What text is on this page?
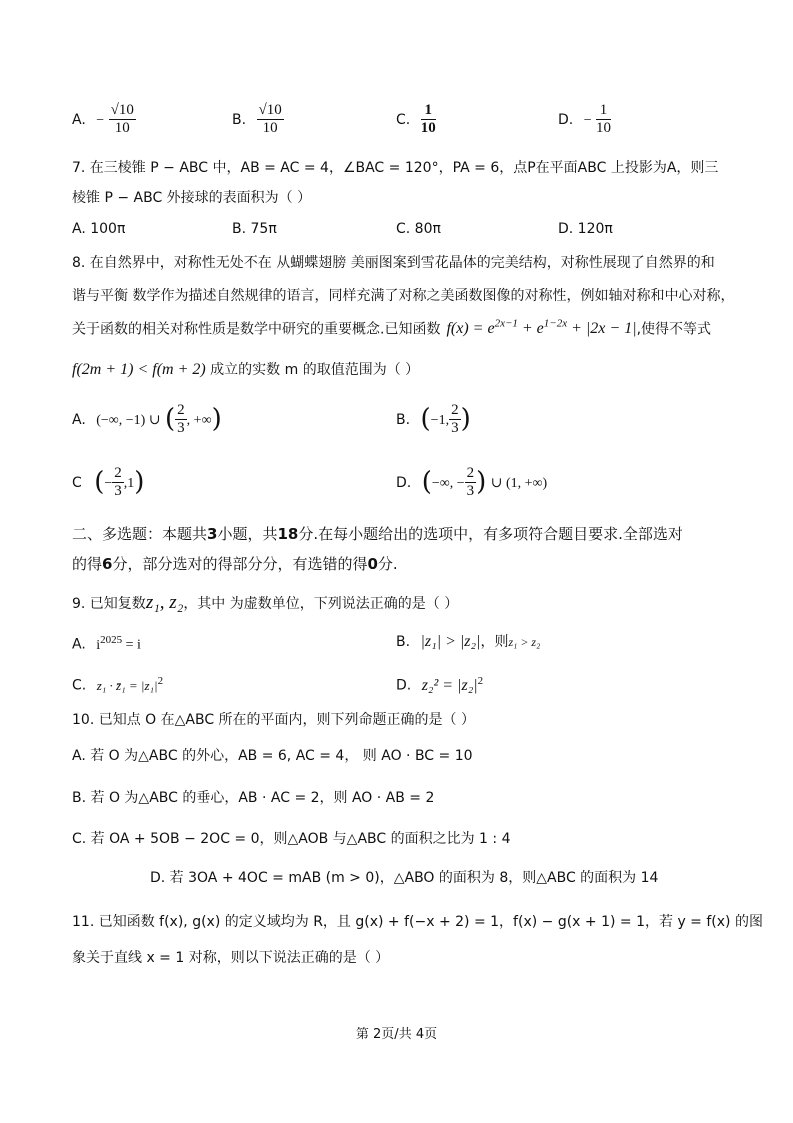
A. − $\frac{√10}{10}$	B. $\frac{√10}{10}$	C. $\frac{1}{10}$	D. − $\frac{1}{10}$
7. 在三棱锥 P − ABC 中，AB = AC = 4，∠BAC = 120°，PA = 6，点P在平面ABC 上投影为A，则三
棱锥 P − ABC 外接球的表面积为（ ）
A. 100π	B. 75π	C. 80π	D. 120π
8. 在自然界中，对称性无处不在 从蝴蝶翅膀 美丽图案到雪花晶体的完美结构，对称性展现了自然界的和
谐与平衡 数学作为描述自然规律的语言，同样充满了对称之美函数图像的对称性，例如轴对称和中心对称，
关于函数的相关对称性质是数学中研究的重要概念.已知函数 $f(x) = e^{2x-1} + e^{1-2x} + |2x - 1|$,使得不等式
f(2m + 1) < f(m + 2) 成立的实数 m 的取值范围为（ ）
A. (−∞, −1) ∪ ( $\frac{2}{3}$ , +∞)	B. (−1, $\frac{2}{3}$ )
C (− $\frac{2}{3} ,1$)	D. (−∞, − $\frac{2}{3}$ ) ∪ (1, +∞)
二、多选题：本题共3小题，共18分.在每小题给出的选项中，有多项符合题目要求.全部选对
的得6分，部分选对的得部分分，有选错的得0分.
9. 已知复数z₁, z₂，其中 为虚数单位，下列说法正确的是（ ）
A. $i^{2025} = i$	B. |z₁| > |z₂|，则z₁ > z₂
C. z₁ · z̄₁ = $|z_1|^2$	D. $z_2^2 = |z_2|^2$
10. 已知点 O 在△ABC 所在的平面内，则下列命题正确的是（ ）
A. 若 O 为△ABC 的外心，AB = 6, AC = 4， 则 AO · BC = 10
B. 若 O 为△ABC 的垂心，AB · AC = 2，则 AO · AB = 2
C. 若 OA + 5OB − 2OC = 0，则△AOB 与△ABC 的面积之比为 1 : 4
D. 若 3OA + 4OC = mAB (m > 0)，△ABO 的面积为 8，则△ABC 的面积为 14
11. 已知函数 f(x), g(x) 的定义域均为 R，且 g(x) + f(−x + 2) = 1，f(x) − g(x + 1) = 1，若 y = f(x) 的图
象关于直线 x = 1 对称，则以下说法正确的是（ ）
第 2页/共 4页
